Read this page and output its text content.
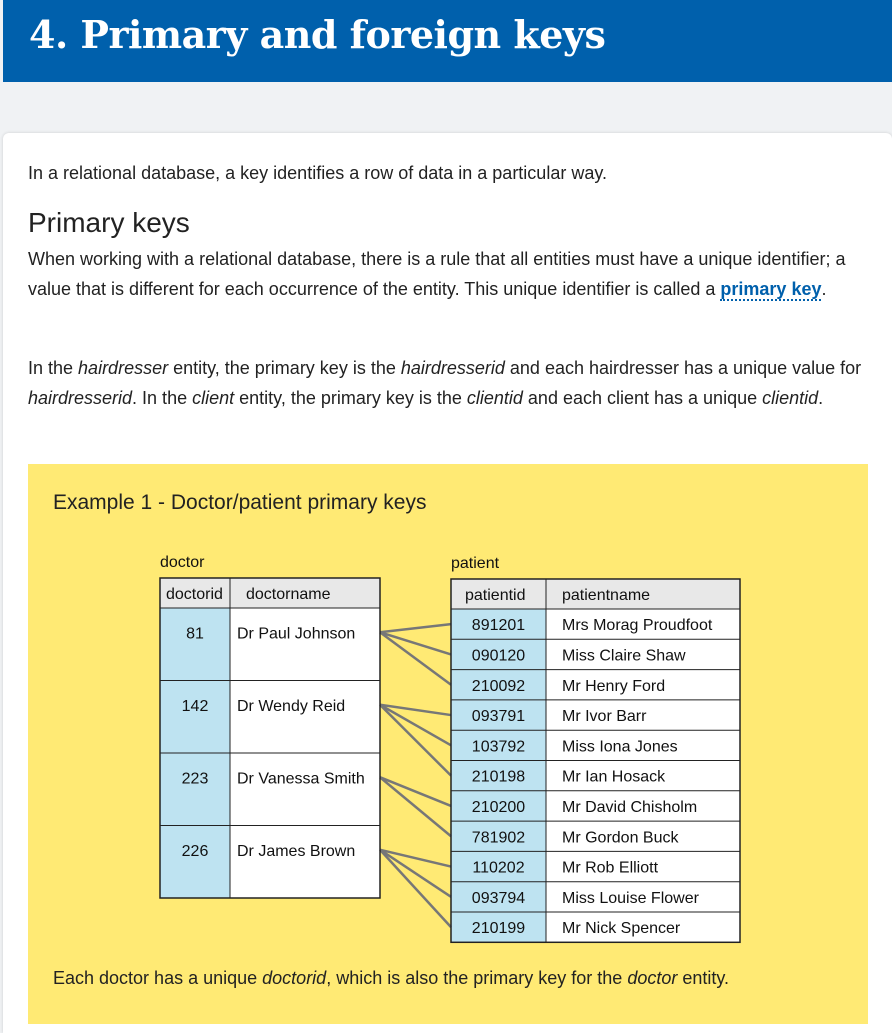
4. Primary and foreign keys

In a relational database, a key identifies a row of data in a particular way.

Primary keys

When working with a relational database, there is a rule that all entities must have a unique identifier; a value that is different for each occurrence of the entity. This unique identifier is called a primary key.

In the hairdresser entity, the primary key is the hairdresserid and each hairdresser has a unique value for hairdresserid. In the client entity, the primary key is the clientid and each client has a unique clientid.

Example 1 - Doctor/patient primary keys
doctor	patient
doctorid doctorname
81 Dr Paul Johnson
142 Dr Wendy Reid
223 Dr Vanessa Smith
226 Dr James Brown
patientid patientname
891201 Mrs Morag Proudfoot
090120 Miss Claire Shaw
210092 Mr Henry Ford
093791 Mr Ivor Barr
103792 Miss Iona Jones
210198 Mr Ian Hosack
210200 Mr David Chisholm
781902 Mr Gordon Buck
110202 Mr Rob Elliott
093794 Miss Louise Flower
210199 Mr Nick Spencer

Each doctor has a unique doctorid, which is also the primary key for the doctor entity.
